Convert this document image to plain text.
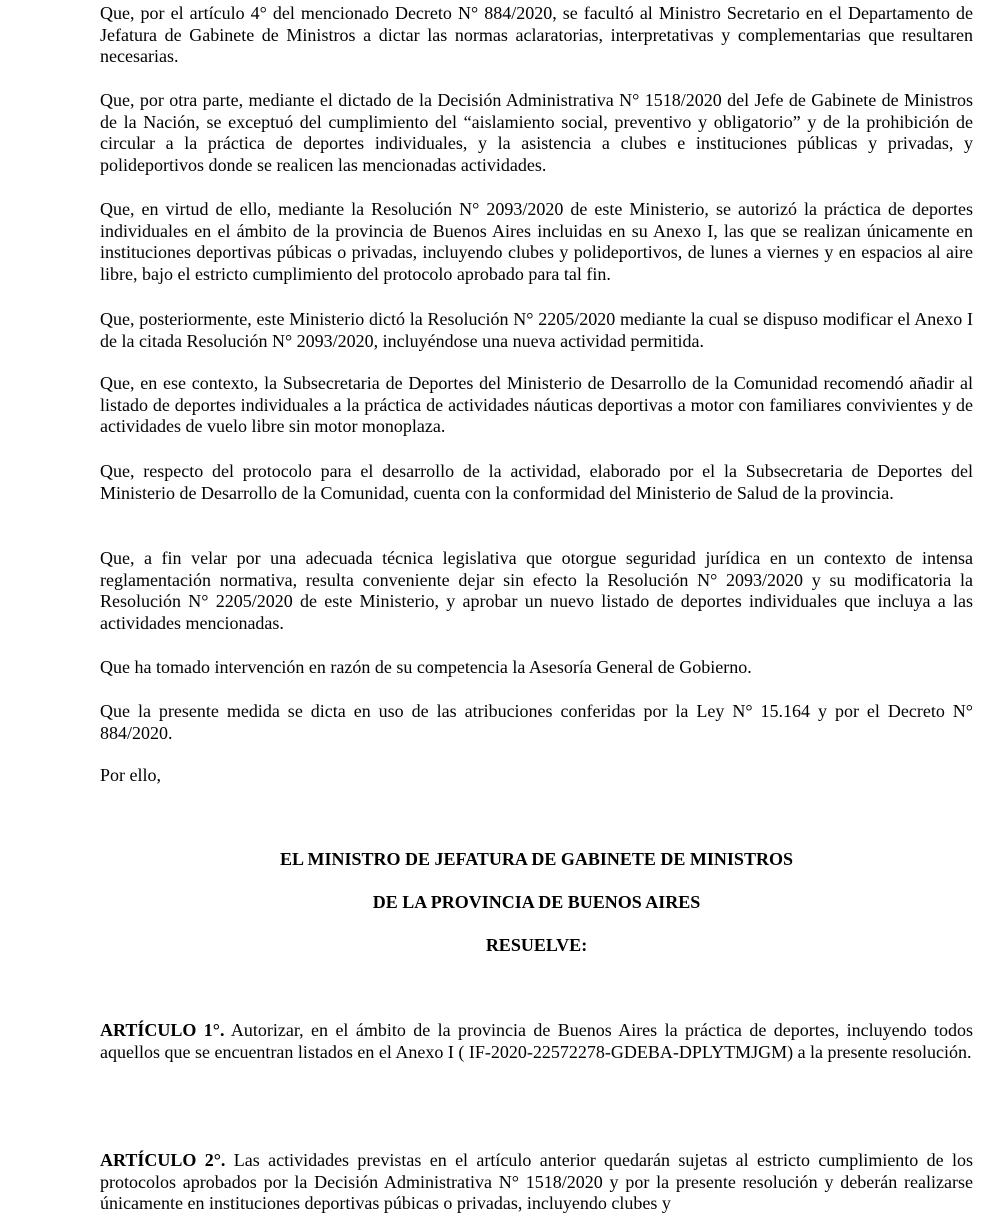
Que, por el artículo 4° del mencionado Decreto N° 884/2020, se facultó al Ministro Secretario en el Departamento de Jefatura de Gabinete de Ministros a dictar las normas aclaratorias, interpretativas y complementarias que resultaren necesarias.

Que, por otra parte, mediante el dictado de la Decisión Administrativa N° 1518/2020 del Jefe de Gabinete de Ministros de la Nación, se exceptuó del cumplimiento del “aislamiento social, preventivo y obligatorio” y de la prohibición de circular a la práctica de deportes individuales, y la asistencia a clubes e instituciones públicas y privadas, y polideportivos donde se realicen las mencionadas actividades.

Que, en virtud de ello, mediante la Resolución N° 2093/2020 de este Ministerio, se autorizó la práctica de deportes individuales en el ámbito de la provincia de Buenos Aires incluidas en su Anexo I, las que se realizan únicamente en instituciones deportivas púbicas o privadas, incluyendo clubes y polideportivos, de lunes a viernes y en espacios al aire libre, bajo el estricto cumplimiento del protocolo aprobado para tal fin.

Que, posteriormente, este Ministerio dictó la Resolución N° 2205/2020 mediante la cual se dispuso modificar el Anexo I de la citada Resolución N° 2093/2020, incluyéndose una nueva actividad permitida.

Que, en ese contexto, la Subsecretaria de Deportes del Ministerio de Desarrollo de la Comunidad recomendó añadir al listado de deportes individuales a la práctica de actividades náuticas deportivas a motor con familiares convivientes y de actividades de vuelo libre sin motor monoplaza.

Que, respecto del protocolo para el desarrollo de la actividad, elaborado por el la Subsecretaria de Deportes del Ministerio de Desarrollo de la Comunidad, cuenta con la conformidad del Ministerio de Salud de la provincia.

Que, a fin velar por una adecuada técnica legislativa que otorgue seguridad jurídica en un contexto de intensa reglamentación normativa, resulta conveniente dejar sin efecto la Resolución N° 2093/2020 y su modificatoria la Resolución N° 2205/2020 de este Ministerio, y aprobar un nuevo listado de deportes individuales que incluya a las actividades mencionadas.

Que ha tomado intervención en razón de su competencia la Asesoría General de Gobierno.

Que la presente medida se dicta en uso de las atribuciones conferidas por la Ley N° 15.164 y por el Decreto N° 884/2020.

Por ello,

EL MINISTRO DE JEFATURA DE GABINETE DE MINISTROS

DE LA PROVINCIA DE BUENOS AIRES

RESUELVE:

ARTÍCULO 1°. Autorizar, en el ámbito de la provincia de Buenos Aires la práctica de deportes, incluyendo todos aquellos que se encuentran listados en el Anexo I ( IF-2020-22572278-GDEBA-DPLYTMJGM) a la presente resolución.

ARTÍCULO 2°. Las actividades previstas en el artículo anterior quedarán sujetas al estricto cumplimiento de los protocolos aprobados por la Decisión Administrativa N° 1518/2020 y por la presente resolución y deberán realizarse únicamente en instituciones deportivas púbicas o privadas, incluyendo clubes y
